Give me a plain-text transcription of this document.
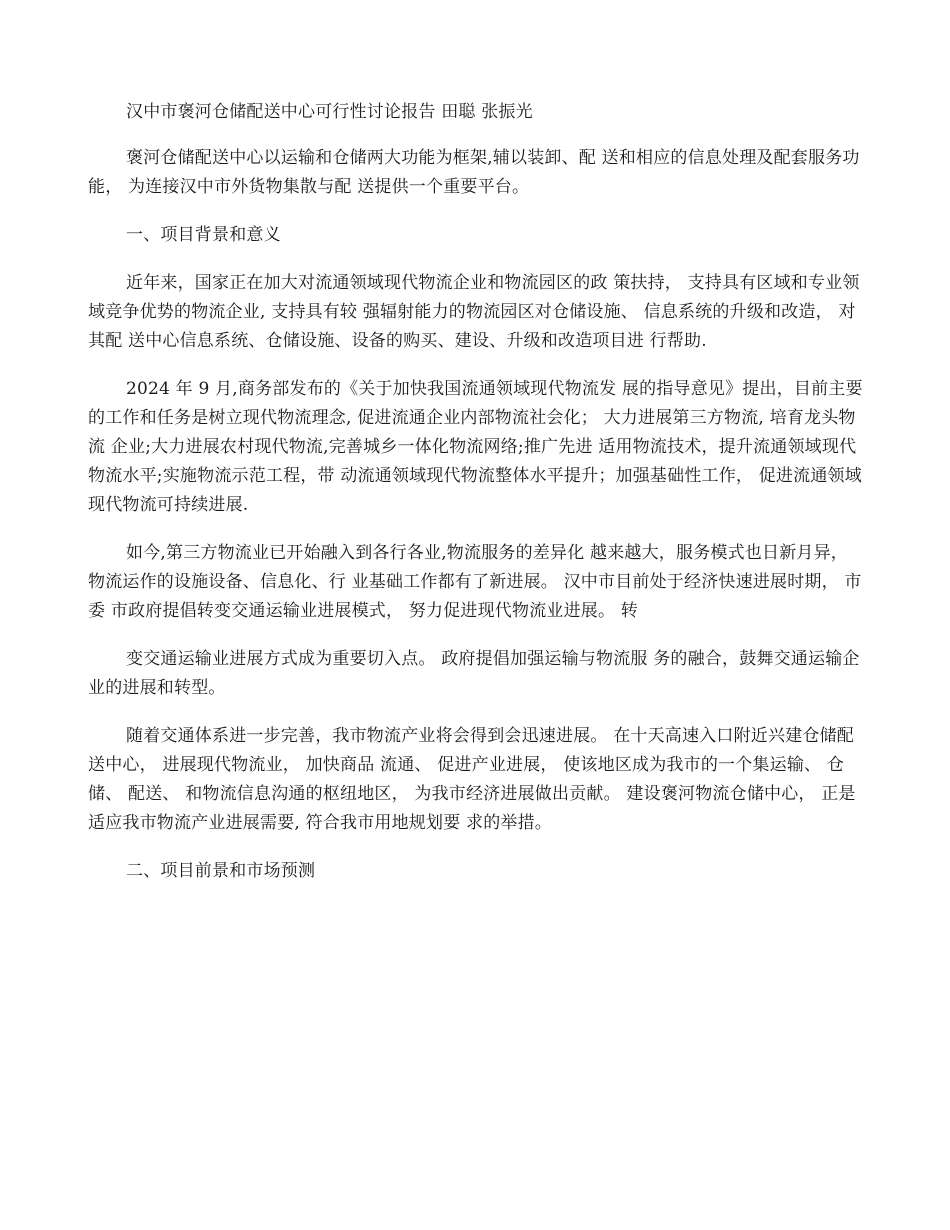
汉中市褒河仓储配送中心可行性讨论报告 田聪 张振光

褒河仓储配送中心以运输和仓储两大功能为框架,辅以装卸、配 送和相应的信息处理及配套服务功能， 为连接汉中市外货物集散与配 送提供一个重要平台。

一、项目背景和意义

近年来，国家正在加大对流通领域现代物流企业和物流园区的政 策扶持， 支持具有区域和专业领域竞争优势的物流企业, 支持具有较 强辐射能力的物流园区对仓储设施、 信息系统的升级和改造， 对其配 送中心信息系统、仓储设施、设备的购买、建设、升级和改造项目进 行帮助.

2024 年 9 月,商务部发布的《关于加快我国流通领域现代物流发 展的指导意见》提出，目前主要的工作和任务是树立现代物流理念, 促进流通企业内部物流社会化； 大力进展第三方物流, 培育龙头物流 企业;大力进展农村现代物流,完善城乡一体化物流网络;推广先进 适用物流技术，提升流通领域现代物流水平;实施物流示范工程，带 动流通领域现代物流整体水平提升；加强基础性工作， 促进流通领域 现代物流可持续进展.

如今,第三方物流业已开始融入到各行各业,物流服务的差异化 越来越大，服务模式也日新月异，物流运作的设施设备、信息化、行 业基础工作都有了新进展。 汉中市目前处于经济快速进展时期， 市委 市政府提倡转变交通运输业进展模式， 努力促进现代物流业进展。 转

变交通运输业进展方式成为重要切入点。 政府提倡加强运输与物流服 务的融合，鼓舞交通运输企业的进展和转型。

随着交通体系进一步完善，我市物流产业将会得到会迅速进展。 在十天高速入口附近兴建仓储配送中心， 进展现代物流业， 加快商品 流通、 促进产业进展， 使该地区成为我市的一个集运输、 仓储、 配送、 和物流信息沟通的枢纽地区， 为我市经济进展做出贡献。 建设褒河物流仓储中心， 正是适应我市物流产业进展需要, 符合我市用地规划要 求的举措。

二、项目前景和市场预测
